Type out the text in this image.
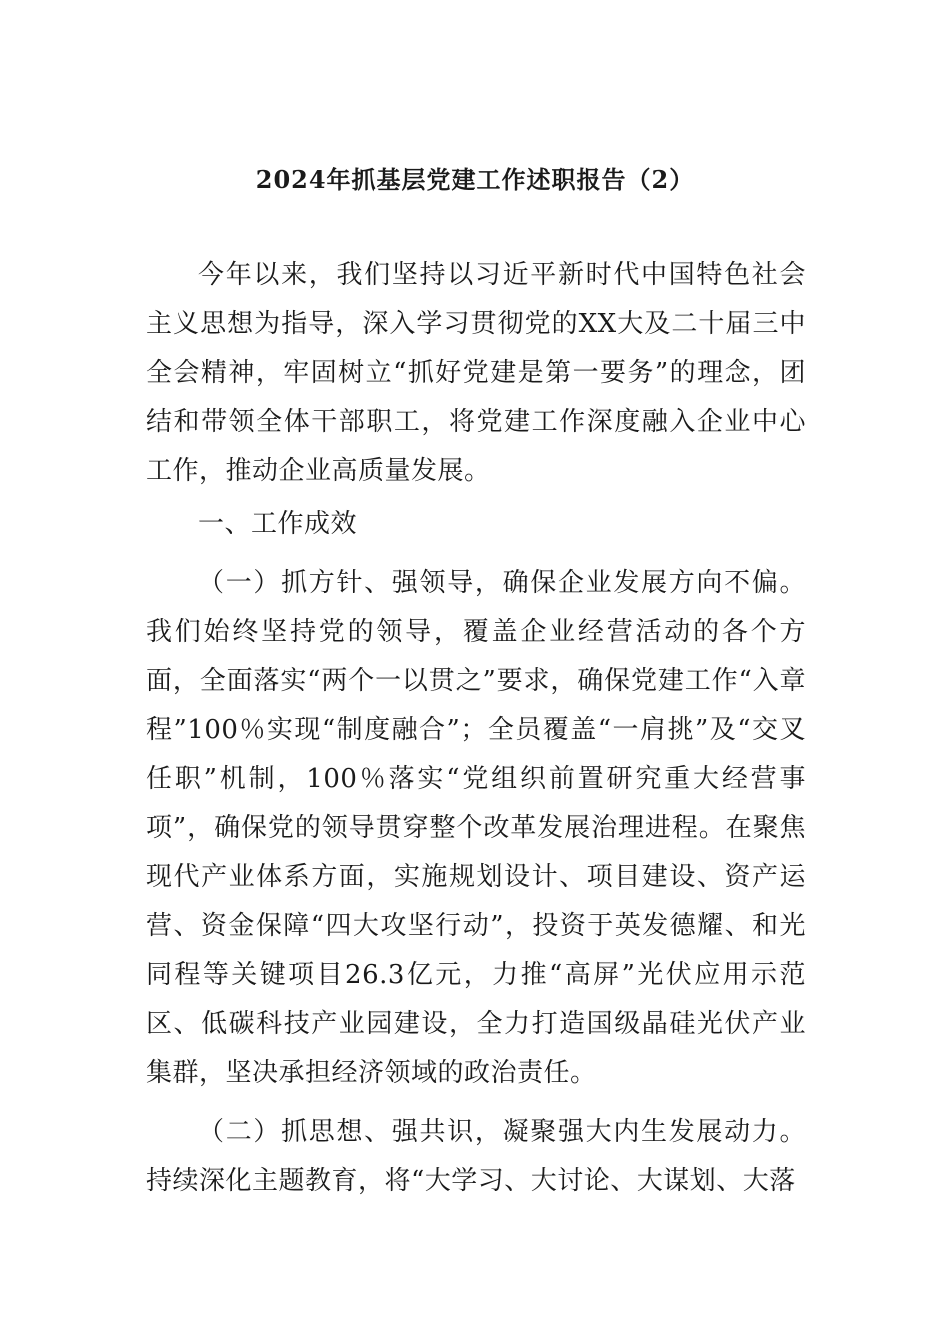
2024年抓基层党建工作述职报告（2）

今年以来，我们坚持以习近平新时代中国特色社会主义思想为指导，深入学习贯彻党的XX大及二十届三中全会精神，牢固树立“抓好党建是第一要务”的理念，团结和带领全体干部职工，将党建工作深度融入企业中心工作，推动企业高质量发展。

一、工作成效

（一）抓方针、强领导，确保企业发展方向不偏。我们始终坚持党的领导，覆盖企业经营活动的各个方面，全面落实“两个一以贯之”要求，确保党建工作“入章程”100％实现“制度融合”；全员覆盖“一肩挑”及“交叉任职”机制，100％落实“党组织前置研究重大经营事项”，确保党的领导贯穿整个改革发展治理进程。在聚焦现代产业体系方面，实施规划设计、项目建设、资产运营、资金保障“四大攻坚行动”，投资于英发德耀、和光同程等关键项目26.3亿元，力推“高屏”光伏应用示范区、低碳科技产业园建设，全力打造国级晶硅光伏产业集群，坚决承担经济领域的政治责任。

（二）抓思想、强共识，凝聚强大内生发展动力。持续深化主题教育，将“大学习、大讨论、大谋划、大落
